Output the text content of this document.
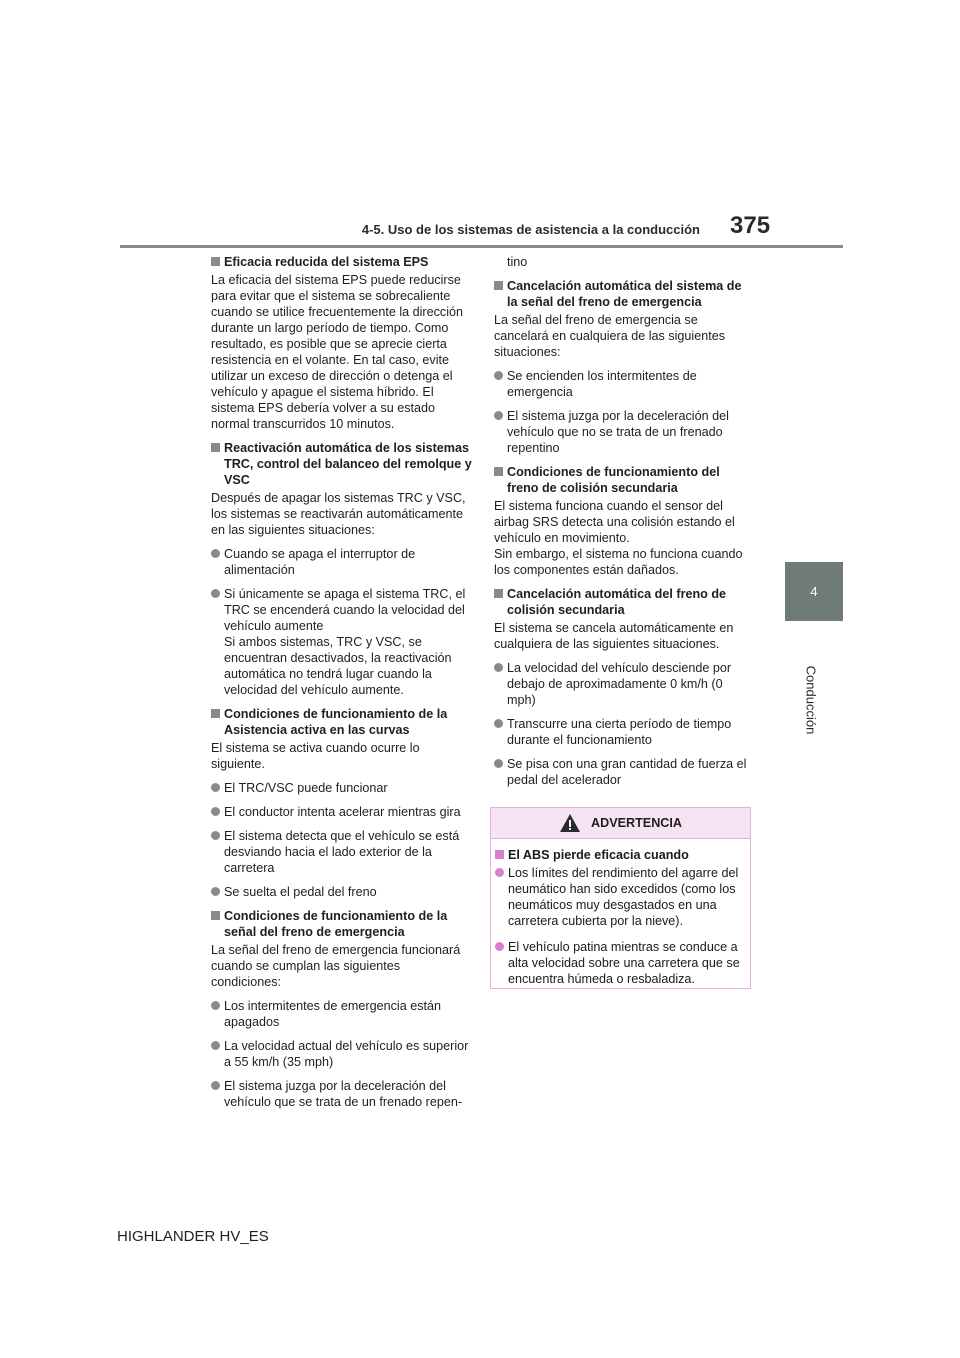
4-5. Uso de los sistemas de asistencia a la conducción 375
4
Conducción
Eficacia reducida del sistema EPS

La eficacia del sistema EPS puede reducirse para evitar que el sistema se sobrecaliente cuando se utilice frecuentemente la dirección durante un largo período de tiempo. Como resultado, es posible que se aprecie cierta resistencia en el volante. En tal caso, evite utilizar un exceso de dirección o detenga el vehículo y apague el sistema híbrido. El sistema EPS debería volver a su estado normal transcurridos 10 minutos.

Reactivación automática de los sistemas TRC, control del balanceo del remolque y VSC

Después de apagar los sistemas TRC y VSC, los sistemas se reactivarán automáticamente en las siguientes situaciones:

Cuando se apaga el interruptor de alimentación
Si únicamente se apaga el sistema TRC, el TRC se encenderá cuando la velocidad del vehículo aumente
Si ambos sistemas, TRC y VSC, se encuentran desactivados, la reactivación automática no tendrá lugar cuando la velocidad del vehículo aumente.
Condiciones de funcionamiento de la Asistencia activa en las curvas

El sistema se activa cuando ocurre lo siguiente.

El TRC/VSC puede funcionar
El conductor intenta acelerar mientras gira
El sistema detecta que el vehículo se está desviando hacia el lado exterior de la carretera
Se suelta el pedal del freno
Condiciones de funcionamiento de la señal del freno de emergencia

La señal del freno de emergencia funcionará cuando se cumplan las siguientes condiciones:

Los intermitentes de emergencia están apagados
La velocidad actual del vehículo es superior a 55 km/h (35 mph)
El sistema juzga por la deceleración del vehículo que se trata de un frenado repen-

tino

Cancelación automática del sistema de la señal del freno de emergencia

La señal del freno de emergencia se cancelará en cualquiera de las siguientes situaciones:

Se encienden los intermitentes de emergencia
El sistema juzga por la deceleración del vehículo que no se trata de un frenado repentino
Condiciones de funcionamiento del freno de colisión secundaria

El sistema funciona cuando el sensor del airbag SRS detecta una colisión estando el vehículo en movimiento.
Sin embargo, el sistema no funciona cuando los componentes están dañados.

Cancelación automática del freno de colisión secundaria

El sistema se cancela automáticamente en cualquiera de las siguientes situaciones.

La velocidad del vehículo desciende por debajo de aproximadamente 0 km/h (0 mph)
Transcurre una cierta período de tiempo durante el funcionamiento
Se pisa con una gran cantidad de fuerza el pedal del acelerador
ADVERTENCIA
El ABS pierde eficacia cuando
Los límites del rendimiento del agarre del neumático han sido excedidos (como los neumáticos muy desgastados en una carretera cubierta por la nieve).
El vehículo patina mientras se conduce a alta velocidad sobre una carretera que se encuentra húmeda o resbaladiza.
HIGHLANDER HV_ES
